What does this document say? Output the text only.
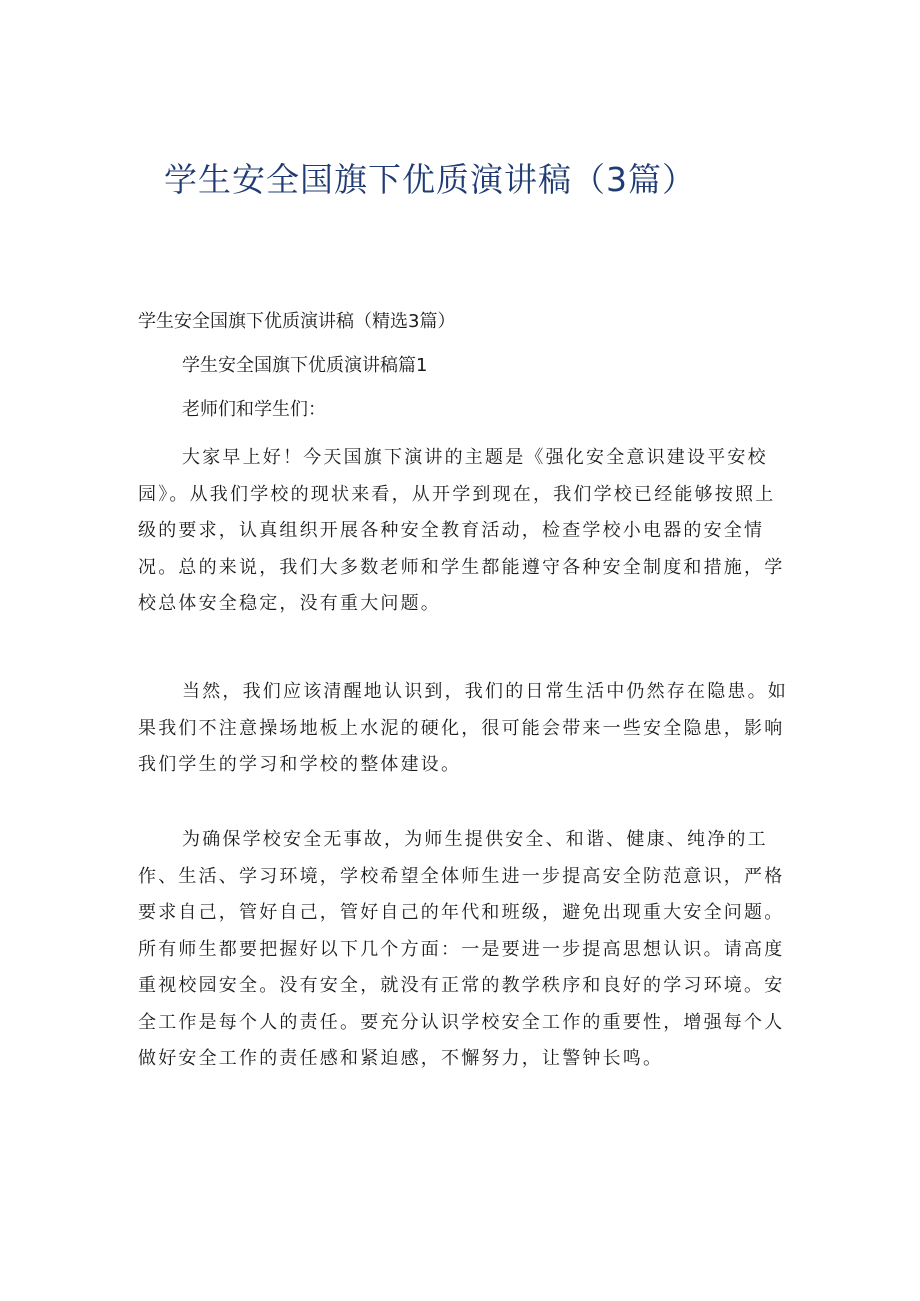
学生安全国旗下优质演讲稿（3篇）
学生安全国旗下优质演讲稿（精选3篇）
学生安全国旗下优质演讲稿篇1
老师们和学生们：

大家早上好！今天国旗下演讲的主题是《强化安全意识建设平安校园》。从我们学校的现状来看，从开学到现在，我们学校已经能够按照上级的要求，认真组织开展各种安全教育活动，检查学校小电器的安全情况。总的来说，我们大多数老师和学生都能遵守各种安全制度和措施，学校总体安全稳定，没有重大问题。

当然，我们应该清醒地认识到，我们的日常生活中仍然存在隐患。如果我们不注意操场地板上水泥的硬化，很可能会带来一些安全隐患，影响我们学生的学习和学校的整体建设。

为确保学校安全无事故，为师生提供安全、和谐、健康、纯净的工作、生活、学习环境，学校希望全体师生进一步提高安全防范意识，严格要求自己，管好自己，管好自己的年代和班级，避免出现重大安全问题。所有师生都要把握好以下几个方面：一是要进一步提高思想认识。请高度重视校园安全。没有安全，就没有正常的教学秩序和良好的学习环境。安全工作是每个人的责任。要充分认识学校安全工作的重要性，增强每个人做好安全工作的责任感和紧迫感，不懈努力，让警钟长鸣。
